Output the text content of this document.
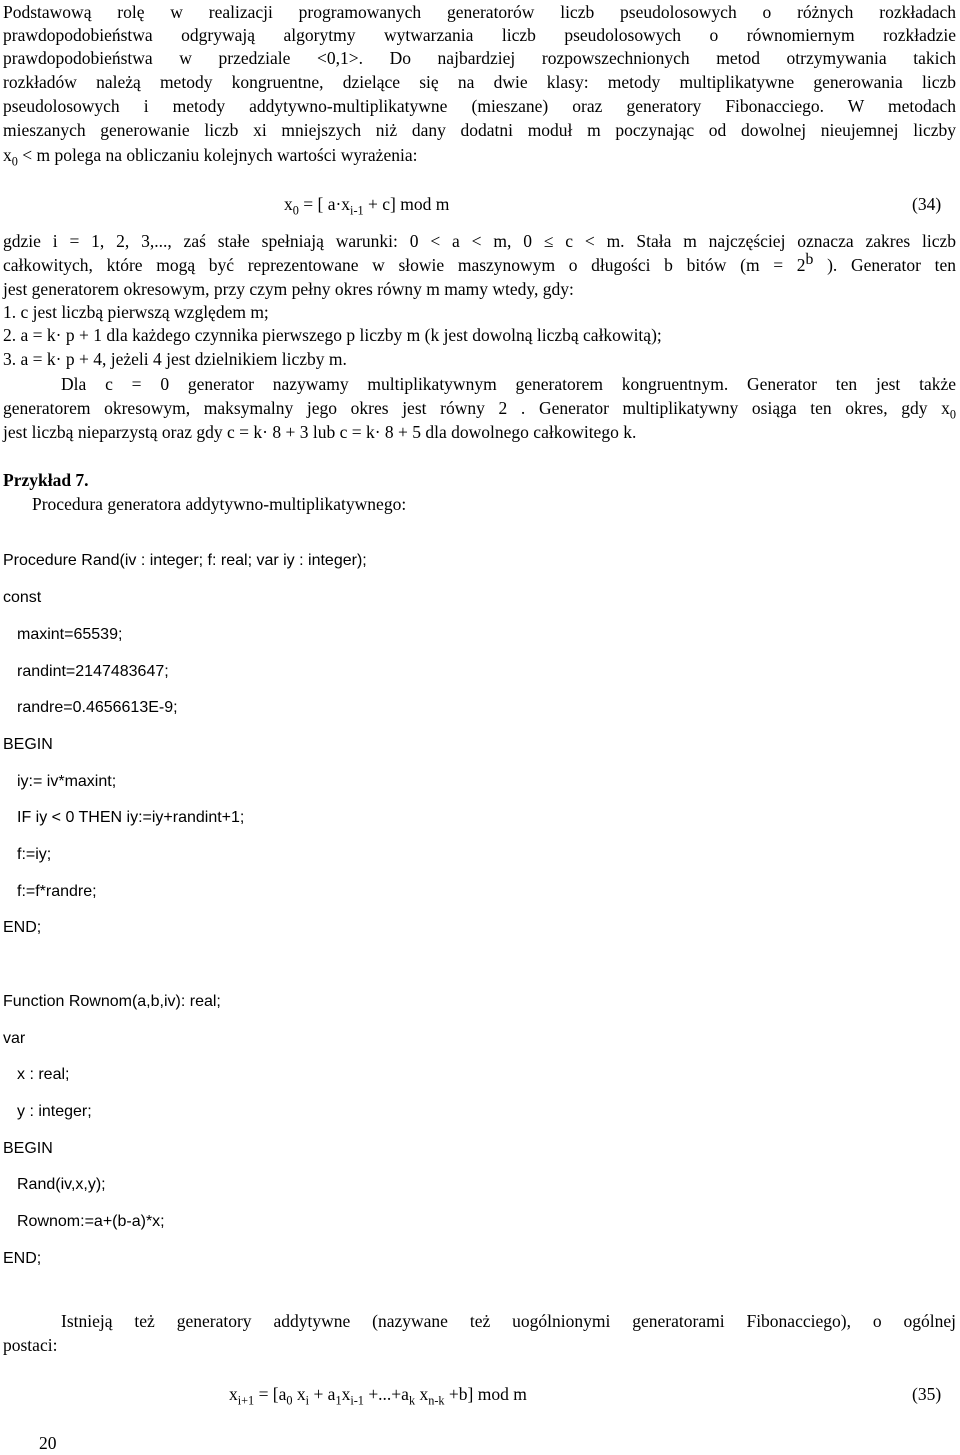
Podstawową rolę w realizacji programowanych generatorów liczb pseudolosowych o różnych rozkładach
prawdopodobieństwa odgrywają algorytmy wytwarzania liczb pseudolosowych o równomiernym rozkładzie
prawdopodobieństwa w przedziale <0,1>. Do najbardziej rozpowszechnionych metod otrzymywania takich
rozkładów należą metody kongruentne, dzielące się na dwie klasy: metody multiplikatywne generowania liczb
pseudolosowych i metody addytywno-multiplikatywne (mieszane) oraz generatory Fibonacciego. W metodach
mieszanych generowanie liczb xi mniejszych niż dany dodatni moduł m poczynając od dowolnej nieujemnej liczby
$x_0 < m$ polega na obliczaniu kolejnych wartości wyrażenia:
$x_0$ = [ $a\cdot x_{i-1} + c$] mod m	(34)
gdzie i = 1, 2, 3,..., zaś stałe spełniają warunki: 0 < a < m, 0 ≤ c < m. Stała m najczęściej oznacza zakres liczb
całkowitych, które mogą być reprezentowane w słowie maszynowym o długości b bitów ($m = 2^b$ ). Generator ten
jest generatorem okresowym, przy czym pełny okres równy m mamy wtedy, gdy:
1. c jest liczbą pierwszą względem m;
2. a = k· p + 1 dla każdego czynnika pierwszego p liczby m (k jest dowolną liczbą całkowitą);
3. a = k· p + 4, jeżeli 4 jest dzielnikiem liczby m.
Dla c = 0 generator nazywamy multiplikatywnym generatorem kongruentnym. Generator ten jest także
generatorem okresowym, maksymalny jego okres jest równy 2 . Generator multiplikatywny osiąga ten okres, gdy $x_0$
jest liczbą nieparzystą oraz gdy c = k· 8 + 3 lub c = k· 8 + 5 dla dowolnego całkowitego k.
Przykład 7.
Procedura generatora addytywno-multiplikatywnego:
Procedure Rand(iv : integer; f: real; var iy : integer);
const
maxint=65539;
randint=2147483647;
randre=0.4656613E-9;
BEGIN
iy:= iv*maxint;
IF iy < 0 THEN iy:=iy+randint+1;
f:=iy;
f:=f*randre;
END;
Function Rownom(a,b,iv): real;
var
x : real;
y : integer;
BEGIN
Rand(iv,x,y);
Rownom:=a+(b-a)*x;
END;
Istnieją też generatory addytywne (nazywane też uogólnionymi generatorami Fibonacciego), o ogólnej
postaci:
$x_{i+1} = [a_0$ $x_i + a_1x_{i-1} +...+a_k$ $x_{n-k} +b$] mod m	(35)
20
